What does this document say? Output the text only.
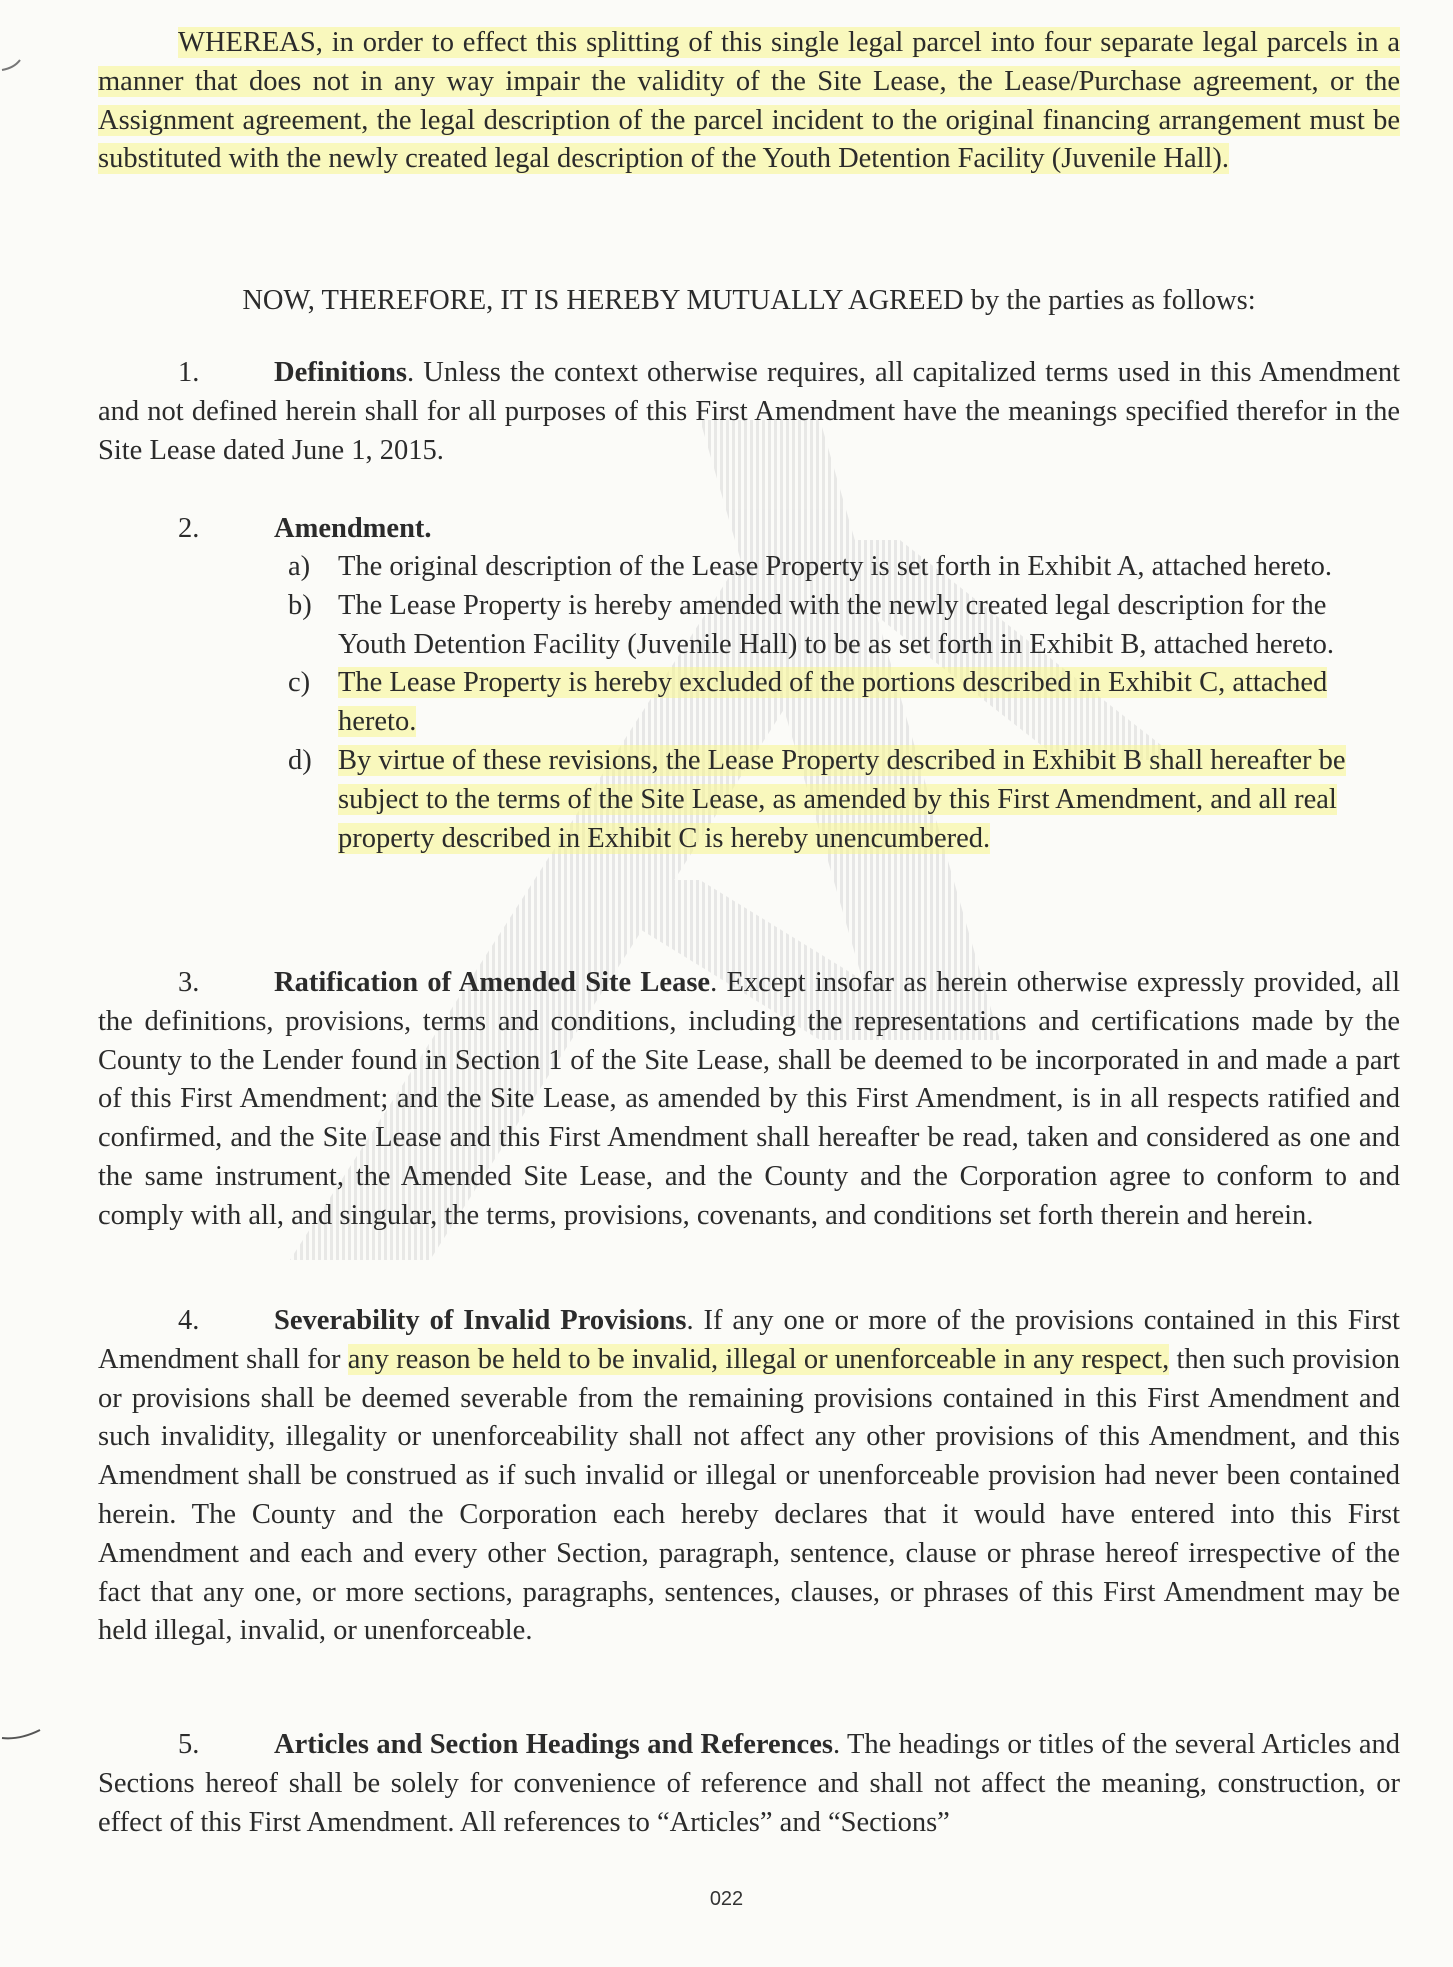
WHEREAS, in order to effect this splitting of this single legal parcel into four separate legal parcels in a manner that does not in any way impair the validity of the Site Lease, the Lease/Purchase agreement, or the Assignment agreement, the legal description of the parcel incident to the original financing arrangement must be substituted with the newly created legal description of the Youth Detention Facility (Juvenile Hall).

NOW, THEREFORE, IT IS HEREBY MUTUALLY AGREED by the parties as follows:

1.	Definitions. Unless the context otherwise requires, all capitalized terms used in this Amendment and not defined herein shall for all purposes of this First Amendment have the meanings specified therefor in the Site Lease dated June 1, 2015.

2.	Amendment.

a) The original description of the Lease Property is set forth in Exhibit A, attached hereto.

b) The Lease Property is hereby amended with the newly created legal description for the Youth Detention Facility (Juvenile Hall) to be as set forth in Exhibit B, attached hereto.

c) The Lease Property is hereby excluded of the portions described in Exhibit C, attached hereto.

d) By virtue of these revisions, the Lease Property described in Exhibit B shall hereafter be subject to the terms of the Site Lease, as amended by this First Amendment, and all real property described in Exhibit C is hereby unencumbered.

3.	Ratification of Amended Site Lease. Except insofar as herein otherwise expressly provided, all the definitions, provisions, terms and conditions, including the representations and certifications made by the County to the Lender found in Section 1 of the Site Lease, shall be deemed to be incorporated in and made a part of this First Amendment; and the Site Lease, as amended by this First Amendment, is in all respects ratified and confirmed, and the Site Lease and this First Amendment shall hereafter be read, taken and considered as one and the same instrument, the Amended Site Lease, and the County and the Corporation agree to conform to and comply with all, and singular, the terms, provisions, covenants, and conditions set forth therein and herein.

4.	Severability of Invalid Provisions. If any one or more of the provisions contained in this First Amendment shall for any reason be held to be invalid, illegal or unenforceable in any respect, then such provision or provisions shall be deemed severable from the remaining provisions contained in this First Amendment and such invalidity, illegality or unenforceability shall not affect any other provisions of this Amendment, and this Amendment shall be construed as if such invalid or illegal or unenforceable provision had never been contained herein. The County and the Corporation each hereby declares that it would have entered into this First Amendment and each and every other Section, paragraph, sentence, clause or phrase hereof irrespective of the fact that any one, or more sections, paragraphs, sentences, clauses, or phrases of this First Amendment may be held illegal, invalid, or unenforceable.

5.	Articles and Section Headings and References. The headings or titles of the several Articles and Sections hereof shall be solely for convenience of reference and shall not affect the meaning, construction, or effect of this First Amendment. All references to “Articles” and “Sections”

022
